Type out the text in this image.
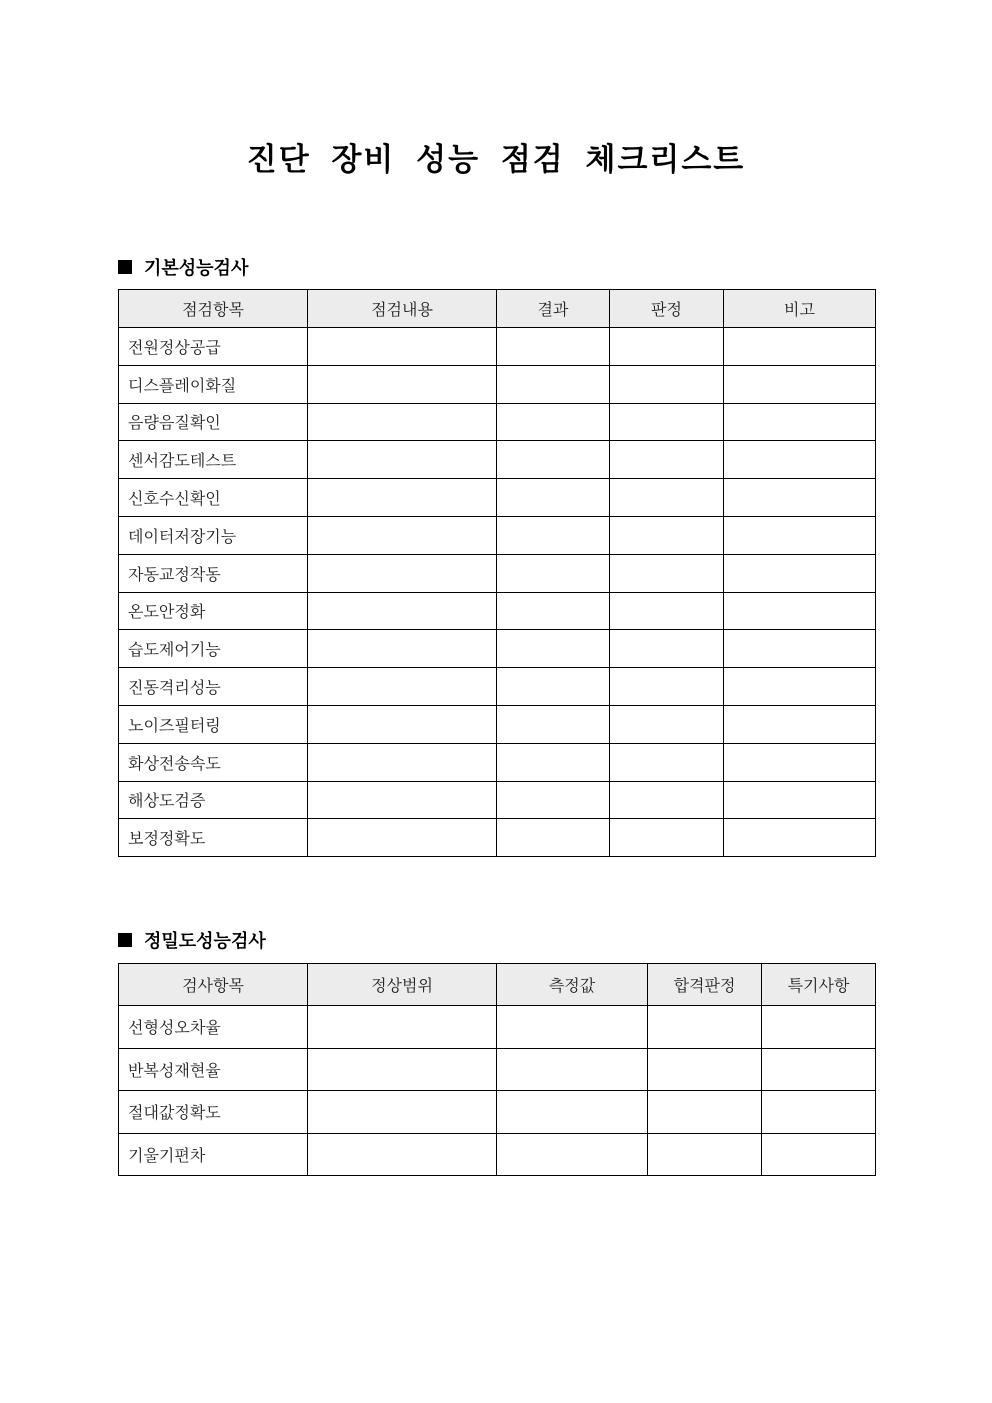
진단 장비 성능 점검 체크리스트
기본성능검사
점검항목	점검내용	결과	판정	비고
전원정상공급				
디스플레이화질				
음량음질확인				
센서감도테스트				
신호수신확인				
데이터저장기능				
자동교정작동				
온도안정화				
습도제어기능				
진동격리성능				
노이즈필터링				
화상전송속도				
해상도검증				
보정정확도				
정밀도성능검사
검사항목	정상범위	측정값	합격판정	특기사항
선형성오차율				
반복성재현율				
절대값정확도				
기울기편차				
